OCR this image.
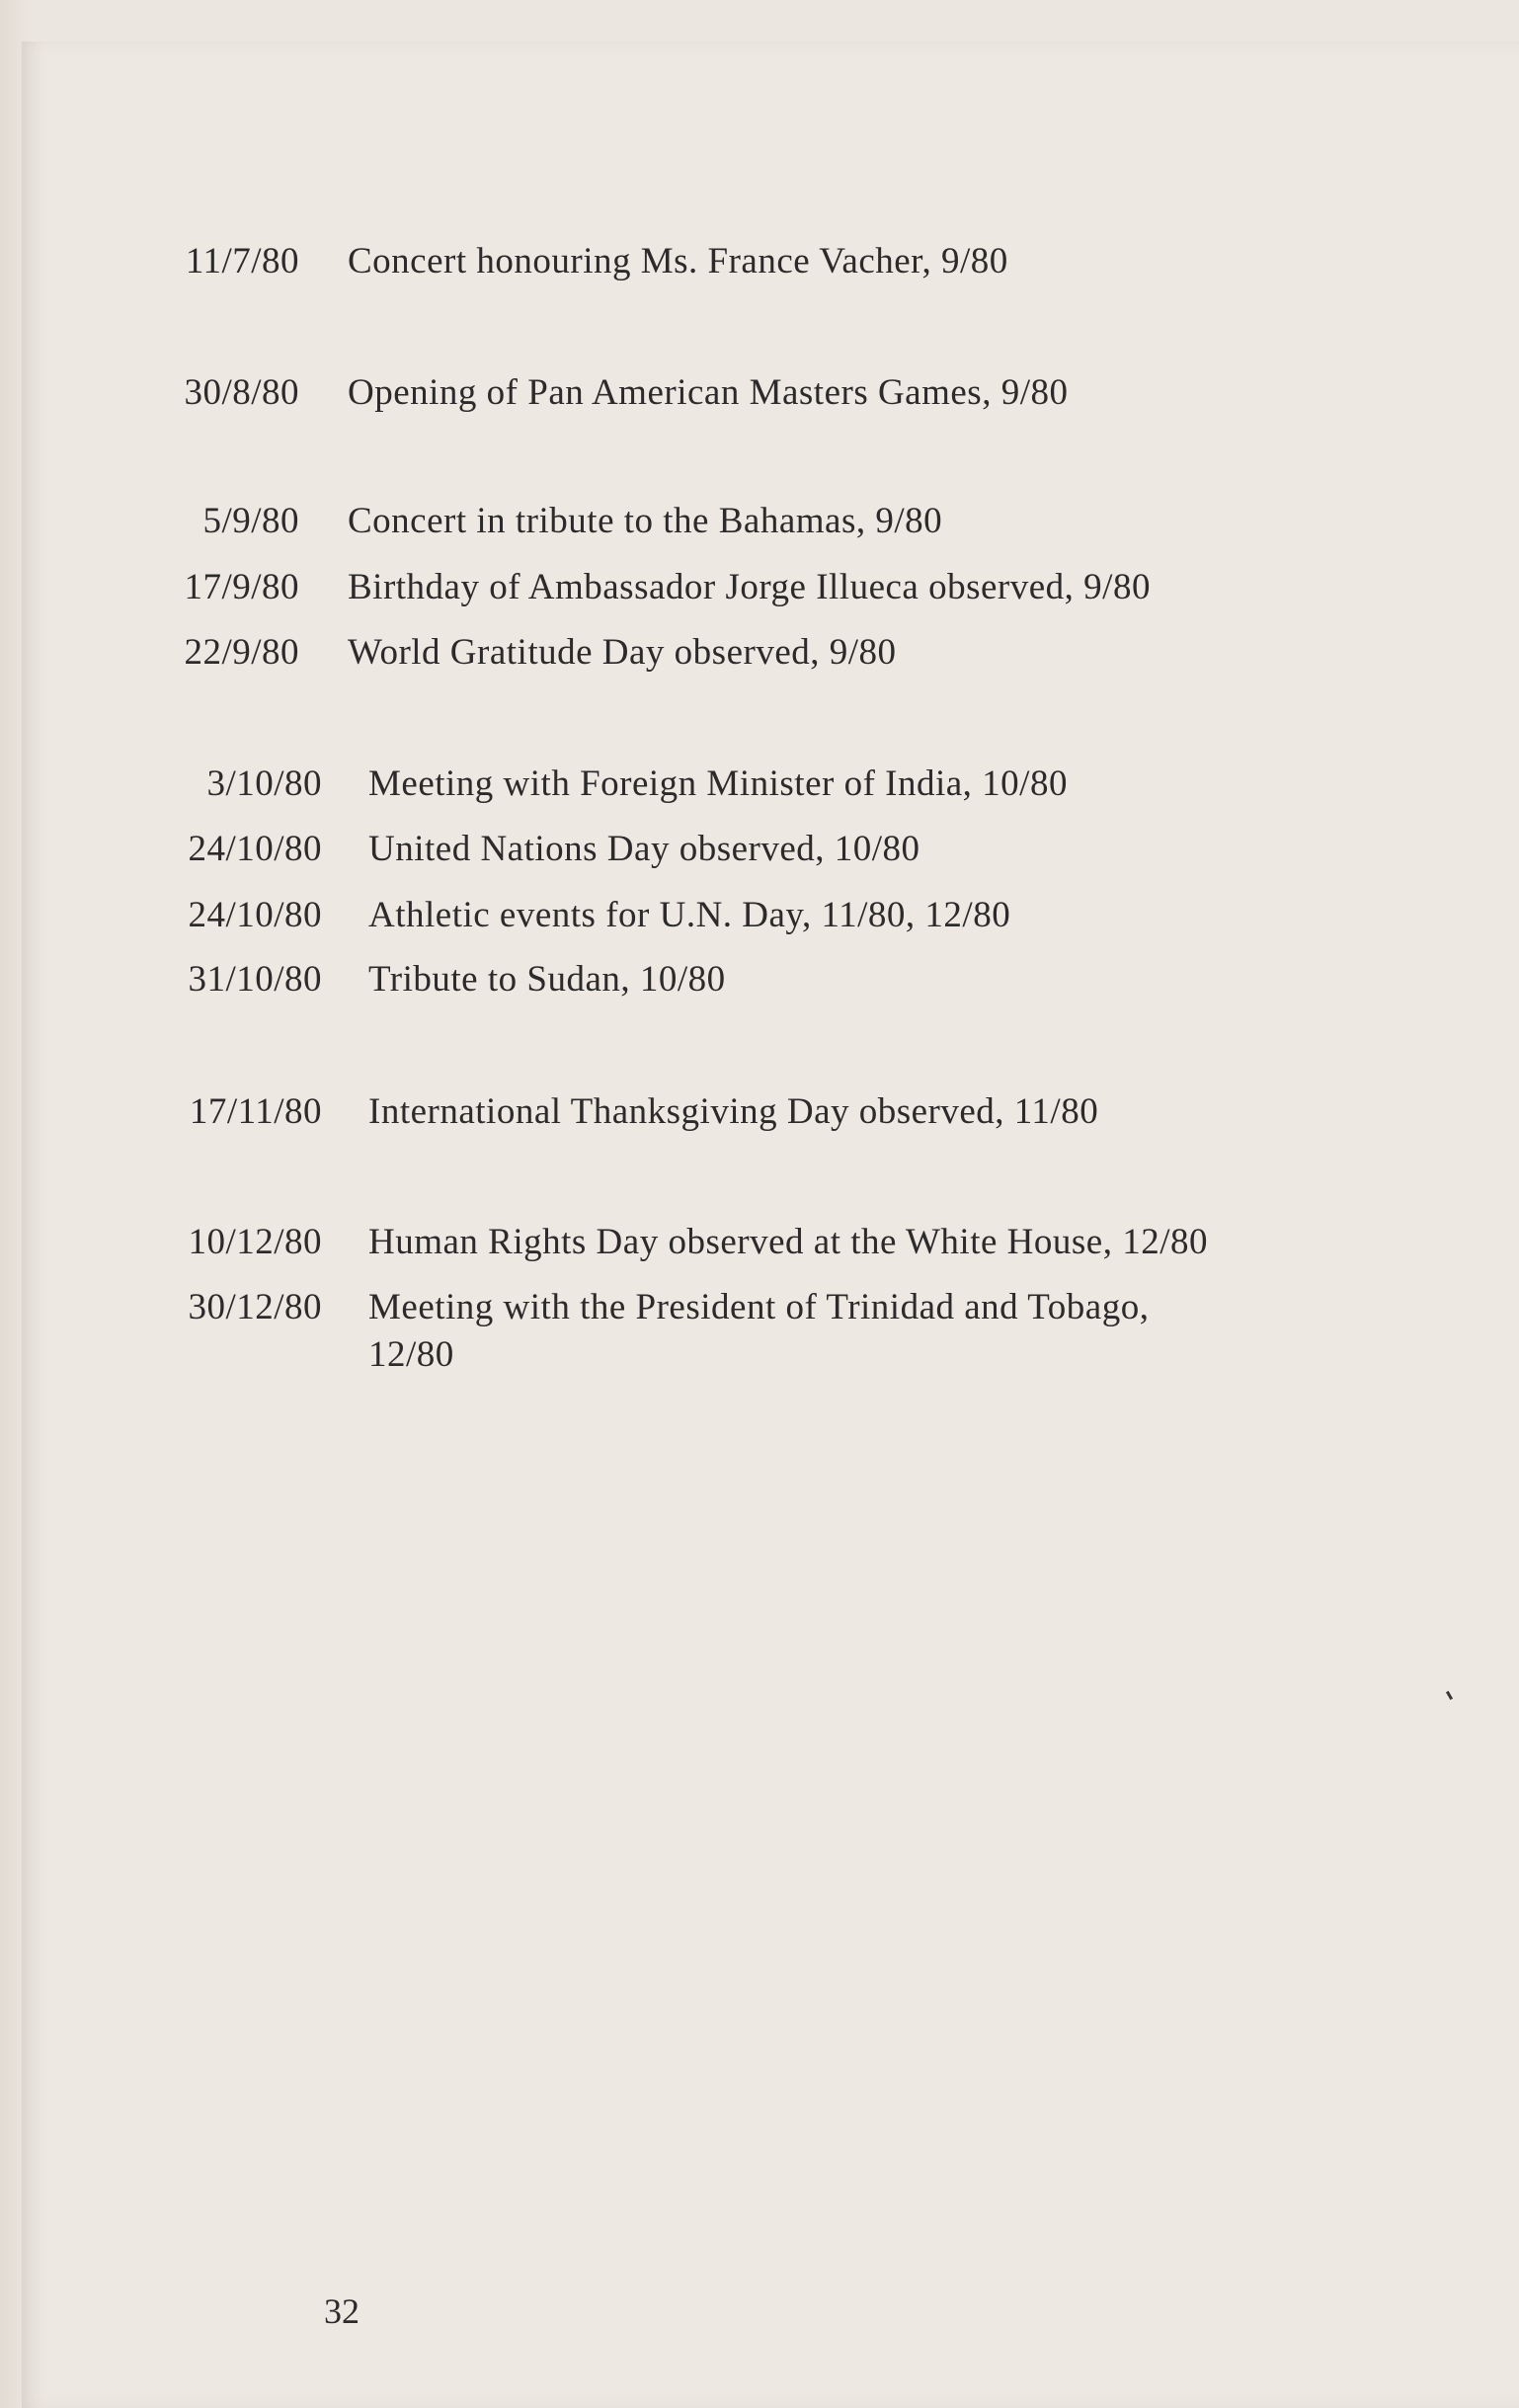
11/7/80 Concert honouring Ms. France Vacher, 9/80
30/8/80 Opening of Pan American Masters Games, 9/80
5/9/80 Concert in tribute to the Bahamas, 9/80
17/9/80 Birthday of Ambassador Jorge Illueca observed, 9/80
22/9/80 World Gratitude Day observed, 9/80
3/10/80 Meeting with Foreign Minister of India, 10/80
24/10/80 United Nations Day observed, 10/80
24/10/80 Athletic events for U.N. Day, 11/80, 12/80
31/10/80 Tribute to Sudan, 10/80
17/11/80 International Thanksgiving Day observed, 11/80
10/12/80 Human Rights Day observed at the White House, 12/80
30/12/80 Meeting with the President of Trinidad and Tobago,
12/80
32
